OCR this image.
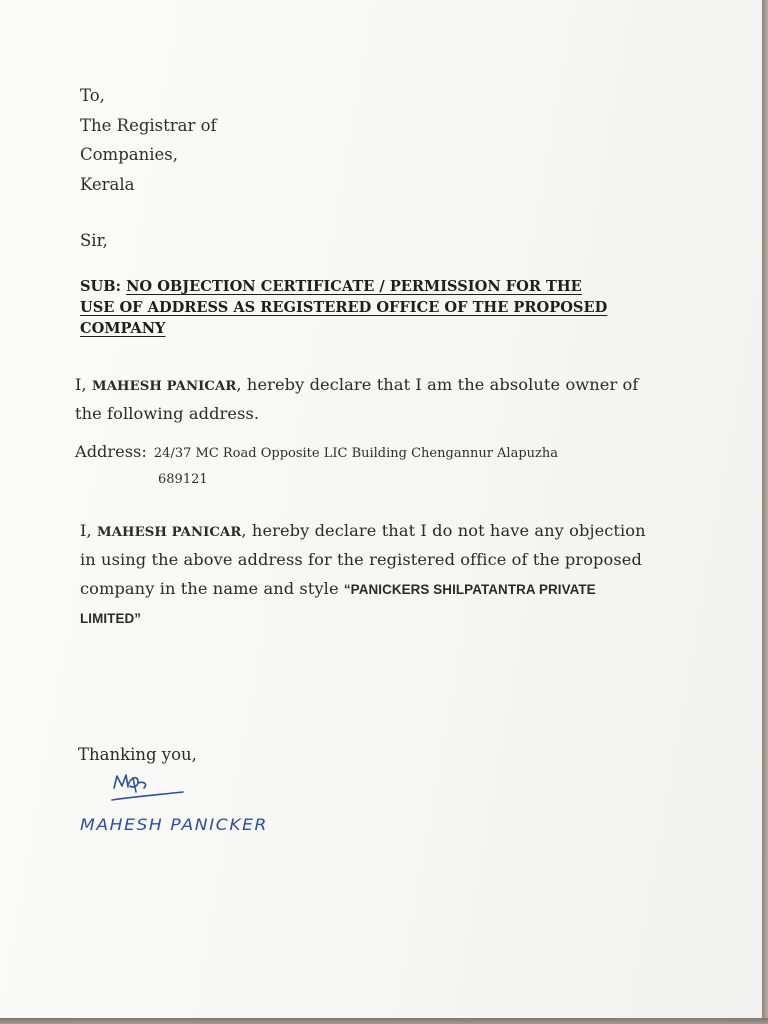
To,
The Registrar of
Companies,
Kerala
Sir,
SUB: NO OBJECTION CERTIFICATE / PERMISSION FOR THE
USE OF ADDRESS AS REGISTERED OFFICE OF THE PROPOSED
COMPANY
I, MAHESH PANICAR, hereby declare that I am the absolute owner of
the following address.
Address: 24/37 MC Road Opposite LIC Building Chengannur Alapuzha
689121
I, MAHESH PANICAR, hereby declare that I do not have any objection
in using the above address for the registered office of the proposed
company in the name and style “PANICKERS SHILPATANTRA PRIVATE
LIMITED”
Thanking you,
MAHESH PANICKER
